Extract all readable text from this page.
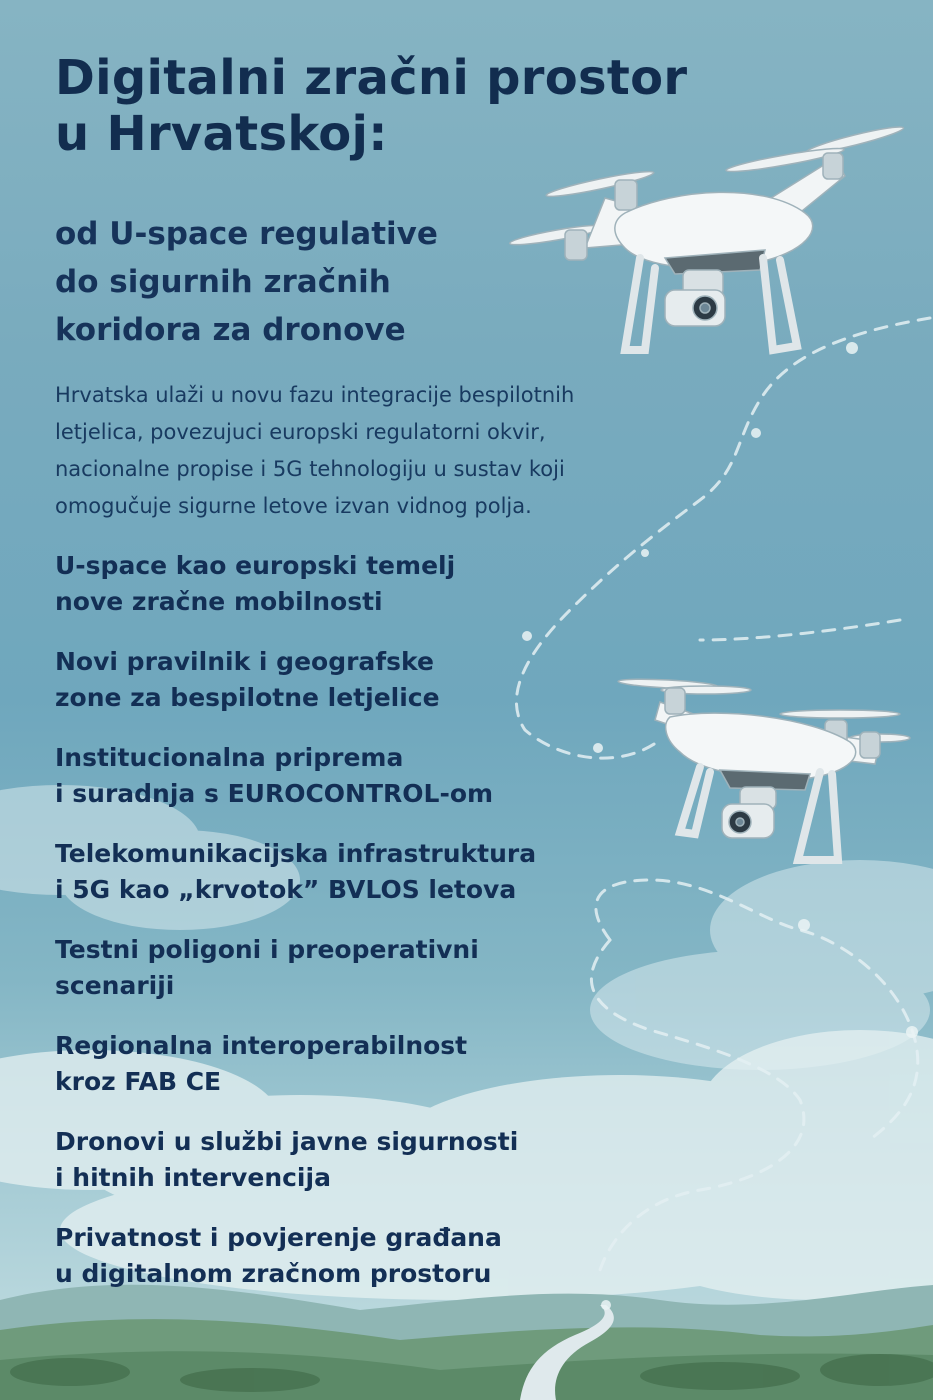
Digitalni zračni prostor
u Hrvatskoj:
od U-space regulative
do sigurnih zračnih
koridora za dronove

Hrvatska ulaži u novu fazu integracije bespilotnih
letjelica, povezujuci europski regulatorni okvir,
nacionalne propise i 5G tehnologiju u sustav koji
omogučuje sigurne letove izvan vidnog polja.

U-space kao europski temelj
nove zračne mobilnosti
Novi pravilnik i geografske
zone za bespilotne letjelice
Institucionalna priprema
i suradnja s EUROCONTROL-om
Telekomunikacijska infrastruktura
i 5G kao „krvotok” BVLOS letova
Testni poligoni i preoperativni
scenariji
Regionalna interoperabilnost
kroz FAB CE
Dronovi u službi javne sigurnosti
i hitnih intervencija
Privatnost i povjerenje građana
u digitalnom zračnom prostoru
